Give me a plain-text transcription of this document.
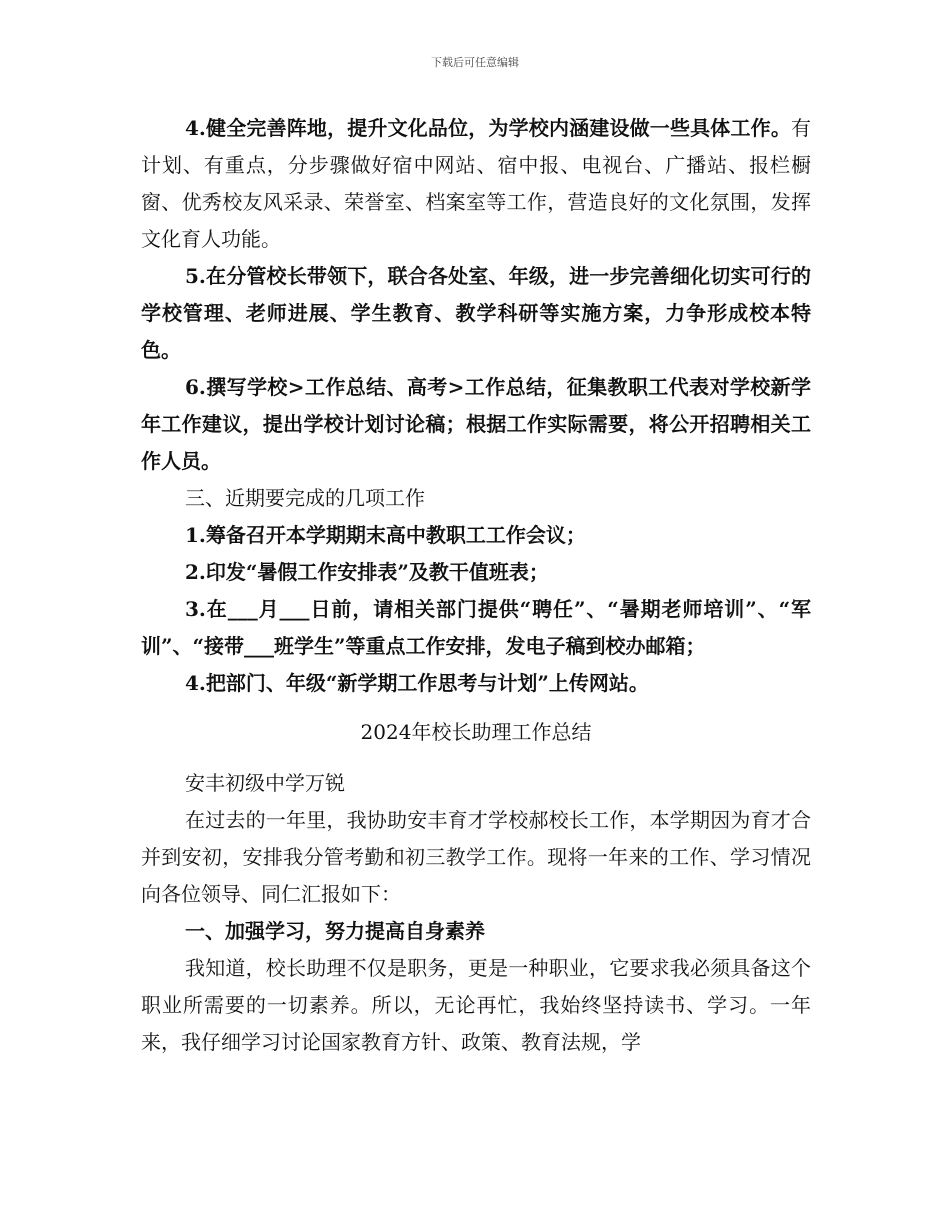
下载后可任意编辑

4.健全完善阵地，提升文化品位，为学校内涵建设做一些具体工作。有计划、有重点，分步骤做好宿中网站、宿中报、电视台、广播站、报栏橱窗、优秀校友风采录、荣誉室、档案室等工作，营造良好的文化氛围，发挥文化育人功能。

5.在分管校长带领下，联合各处室、年级，进一步完善细化切实可行的学校管理、老师进展、学生教育、教学科研等实施方案，力争形成校本特色。

6.撰写学校>工作总结、高考>工作总结，征集教职工代表对学校新学年工作建议，提出学校计划讨论稿；根据工作实际需要，将公开招聘相关工作人员。

三、近期要完成的几项工作

1.筹备召开本学期期末高中教职工工作会议；

2.印发“暑假工作安排表”及教干值班表；

3.在___月___日前，请相关部门提供“聘任”、“暑期老师培训”、“军训”、“接带___班学生”等重点工作安排，发电子稿到校办邮箱；

4.把部门、年级“新学期工作思考与计划”上传网站。

2024年校长助理工作总结

安丰初级中学万锐

在过去的一年里，我协助安丰育才学校郝校长工作，本学期因为育才合并到安初，安排我分管考勤和初三教学工作。现将一年来的工作、学习情况向各位领导、同仁汇报如下：

一、加强学习，努力提高自身素养

我知道，校长助理不仅是职务，更是一种职业，它要求我必须具备这个职业所需要的一切素养。所以，无论再忙，我始终坚持读书、学习。一年来，我仔细学习讨论国家教育方针、政策、教育法规，学
